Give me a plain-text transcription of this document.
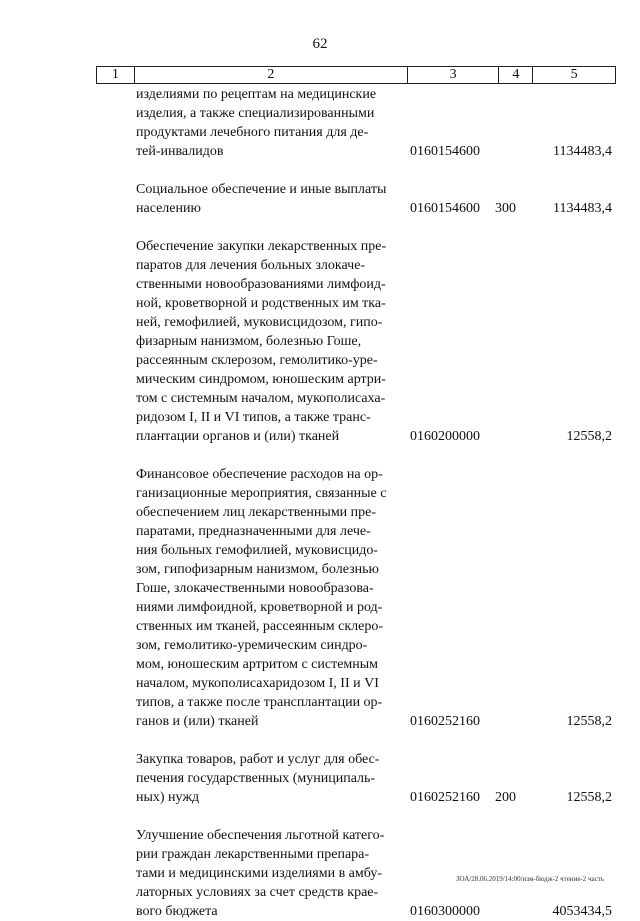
62
1	2	3	4	5
изделиями по рецептам на медицинские
изделия, а также специализированными
продуктами лечебного питания для де-
тей-инвалидов	0160154600	1134483,4
Социальное обеспечение и иные выплаты
населению	0160154600 300	1134483,4
Обеспечение закупки лекарственных пре-
паратов для лечения больных злокаче-
ственными новообразованиями лимфоид-
ной, кроветворной и родственных им тка-
ней, гемофилией, муковисцидозом, гипо-
физарным нанизмом, болезнью Гоше,
рассеянным склерозом, гемолитико-уре-
мическим синдромом, юношеским артри-
том с системным началом, мукополисаха-
ридозом I, II и VI типов, а также транс-
плантации органов и (или) тканей	0160200000	12558,2
Финансовое обеспечение расходов на ор-
ганизационные мероприятия, связанные с
обеспечением лиц лекарственными пре-
паратами, предназначенными для лече-
ния больных гемофилией, муковисцидо-
зом, гипофизарным нанизмом, болезнью
Гоше, злокачественными новообразова-
ниями лимфоидной, кроветворной и род-
ственных им тканей, рассеянным склеро-
зом, гемолитико-уремическим синдро-
мом, юношеским артритом с системным
началом, мукополисахаридозом I, II и VI
типов, а также после трансплантации ор-
ганов и (или) тканей	0160252160	12558,2
Закупка товаров, работ и услуг для обес-
печения государственных (муниципаль-
ных) нужд	0160252160 200	12558,2
Улучшение обеспечения льготной катего-
рии граждан лекарственными препара-
тами и медицинскими изделиями в амбу-
латорных условиях за счет средств крае-
вого бюджета	0160300000	4053434,5
ЗОА/28.06.2019/14:00/изм-бюдж-2 чтение-2 часть
